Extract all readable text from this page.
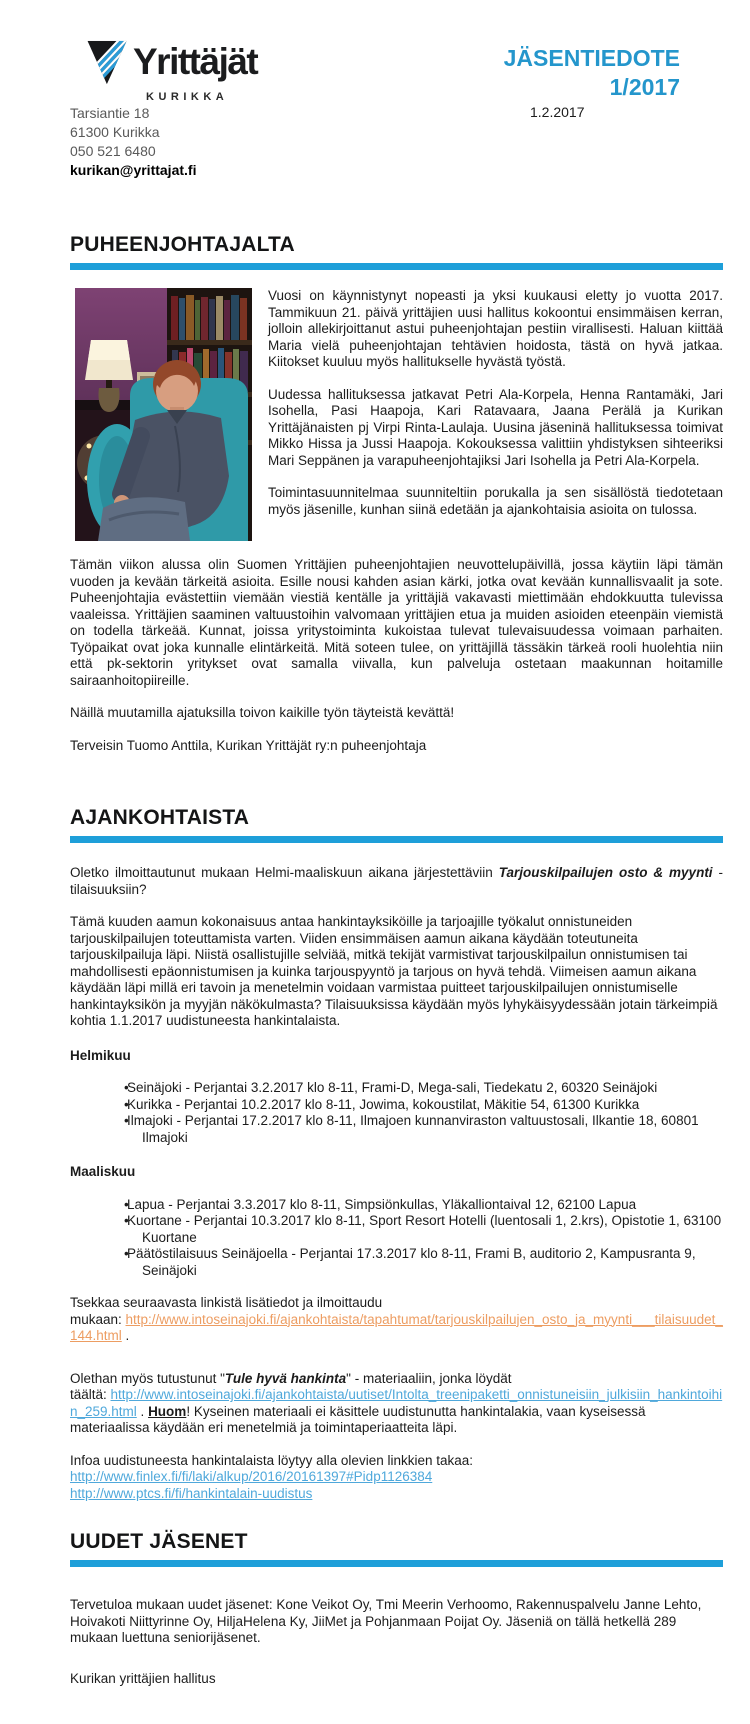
Yrittäjät
KURIKKA
JÄSENTIEDOTE
1/2017
Tarsiantie 18
61300 Kurikka
050 521 6480
kurikan@yrittajat.fi
1.2.2017
PUHEENJOHTAJALTA

Vuosi on käynnistynyt nopeasti ja yksi kuukausi eletty jo vuotta 2017. Tammikuun 21. päivä yrittäjien uusi hallitus kokoontui ensimmäisen kerran, jolloin allekirjoittanut astui puheenjohtajan pestiin virallisesti. Haluan kiittää Maria vielä puheenjohtajan tehtävien hoidosta, tästä on hyvä jatkaa. Kiitokset kuuluu myös hallitukselle hyvästä työstä.

Uudessa hallituksessa jatkavat Petri Ala-Korpela, Henna Rantamäki, Jari Isohella, Pasi Haapoja, Kari Ratavaara, Jaana Perälä ja Kurikan Yrittäjänaisten pj Virpi Rinta-Laulaja. Uusina jäseninä hallituksessa toimivat Mikko Hissa ja Jussi Haapoja. Kokouksessa valittiin yhdistyksen sihteeriksi Mari Seppänen ja varapuheenjohtajiksi Jari Isohella ja Petri Ala-Korpela.

Toimintasuunnitelmaa suunniteltiin porukalla ja sen sisällöstä tiedotetaan myös jäsenille, kunhan siinä edetään ja ajankohtaisia asioita on tulossa.

Tämän viikon alussa olin Suomen Yrittäjien puheenjohtajien neuvottelupäivillä, jossa käytiin läpi tämän vuoden ja kevään tärkeitä asioita. Esille nousi kahden asian kärki, jotka ovat kevään kunnallisvaalit ja sote. Puheenjohtajia evästettiin viemään viestiä kentälle ja yrittäjiä vakavasti miettimään ehdokkuutta tulevissa vaaleissa. Yrittäjien saaminen valtuustoihin valvomaan yrittäjien etua ja muiden asioiden eteenpäin viemistä on todella tärkeää. Kunnat, joissa yritystoiminta kukoistaa tulevat tulevaisuudessa voimaan parhaiten. Työpaikat ovat joka kunnalle elintärkeitä. Mitä soteen tulee, on yrittäjillä tässäkin tärkeä rooli huolehtia niin että pk-sektorin yritykset ovat samalla viivalla, kun palveluja ostetaan maakunnan hoitamille sairaanhoitopiireille.

Näillä muutamilla ajatuksilla toivon kaikille työn täyteistä kevättä!

Terveisin Tuomo Anttila, Kurikan Yrittäjät ry:n puheenjohtaja

AJANKOHTAISTA

Oletko ilmoittautunut mukaan Helmi-maaliskuun aikana järjestettäviin Tarjouskilpailujen osto & myynti - tilaisuuksiin?

Tämä kuuden aamun kokonaisuus antaa hankintayksiköille ja tarjoajille työkalut onnistuneiden tarjouskilpailujen toteuttamista varten. Viiden ensimmäisen aamun aikana käydään toteutuneita tarjouskilpailuja läpi. Niistä osallistujille selviää, mitkä tekijät varmistivat tarjouskilpailun onnistumisen tai mahdollisesti epäonnistumisen ja kuinka tarjouspyyntö ja tarjous on hyvä tehdä. Viimeisen aamun aikana käydään läpi millä eri tavoin ja menetelmin voidaan varmistaa puitteet tarjouskilpailujen onnistumiselle hankintayksikön ja myyjän näkökulmasta? Tilaisuuksissa käydään myös lyhykäisyydessään jotain tärkeimpiä kohtia 1.1.2017 uudistuneesta hankintalaista.

Helmikuu

• Seinäjoki - Perjantai 3.2.2017 klo 8-11, Frami-D, Mega-sali, Tiedekatu 2, 60320 Seinäjoki
• Kurikka - Perjantai 10.2.2017 klo 8-11, Jowima, kokoustilat, Mäkitie 54, 61300 Kurikka
• Ilmajoki - Perjantai 17.2.2017 klo 8-11, Ilmajoen kunnanviraston valtuustosali, Ilkantie 18, 60801 Ilmajoki

Maaliskuu

• Lapua - Perjantai 3.3.2017 klo 8-11, Simpsiönkullas, Yläkalliontaival 12, 62100 Lapua
• Kuortane - Perjantai 10.3.2017 klo 8-11, Sport Resort Hotelli (luentosali 1, 2.krs), Opistotie 1, 63100 Kuortane
• Päätöstilaisuus Seinäjoella - Perjantai 17.3.2017 klo 8-11, Frami B, auditorio 2, Kampusranta 9, Seinäjoki

Tsekkaa seuraavasta linkistä lisätiedot ja ilmoittaudu
mukaan: http://www.intoseinajoki.fi/ajankohtaista/tapahtumat/tarjouskilpailujen_osto_ja_myynti___tilaisuudet_144.html .

Olethan myös tutustunut "Tule hyvä hankinta" - materiaaliin, jonka löydät
täältä: http://www.intoseinajoki.fi/ajankohtaista/uutiset/Intolta_treenipaketti_onnistuneisiin_julkisiin_hankintoihin_259.html . Huom! Kyseinen materiaali ei käsittele uudistunutta hankintalakia, vaan kyseisessä materiaalissa käydään eri menetelmiä ja toimintaperiaatteita läpi.

Infoa uudistuneesta hankintalaista löytyy alla olevien linkkien takaa:
http://www.finlex.fi/fi/laki/alkup/2016/20161397#Pidp1126384
http://www.ptcs.fi/fi/hankintalain-uudistus

UUDET JÄSENET

Tervetuloa mukaan uudet jäsenet: Kone Veikot Oy, Tmi Meerin Verhoomo, Rakennuspalvelu Janne Lehto, Hoivakoti Niittyrinne Oy, HiljaHelena Ky, JiiMet ja Pohjanmaan Poijat Oy. Jäseniä on tällä hetkellä 289 mukaan luettuna seniorijäsenet.

Kurikan yrittäjien hallitus
